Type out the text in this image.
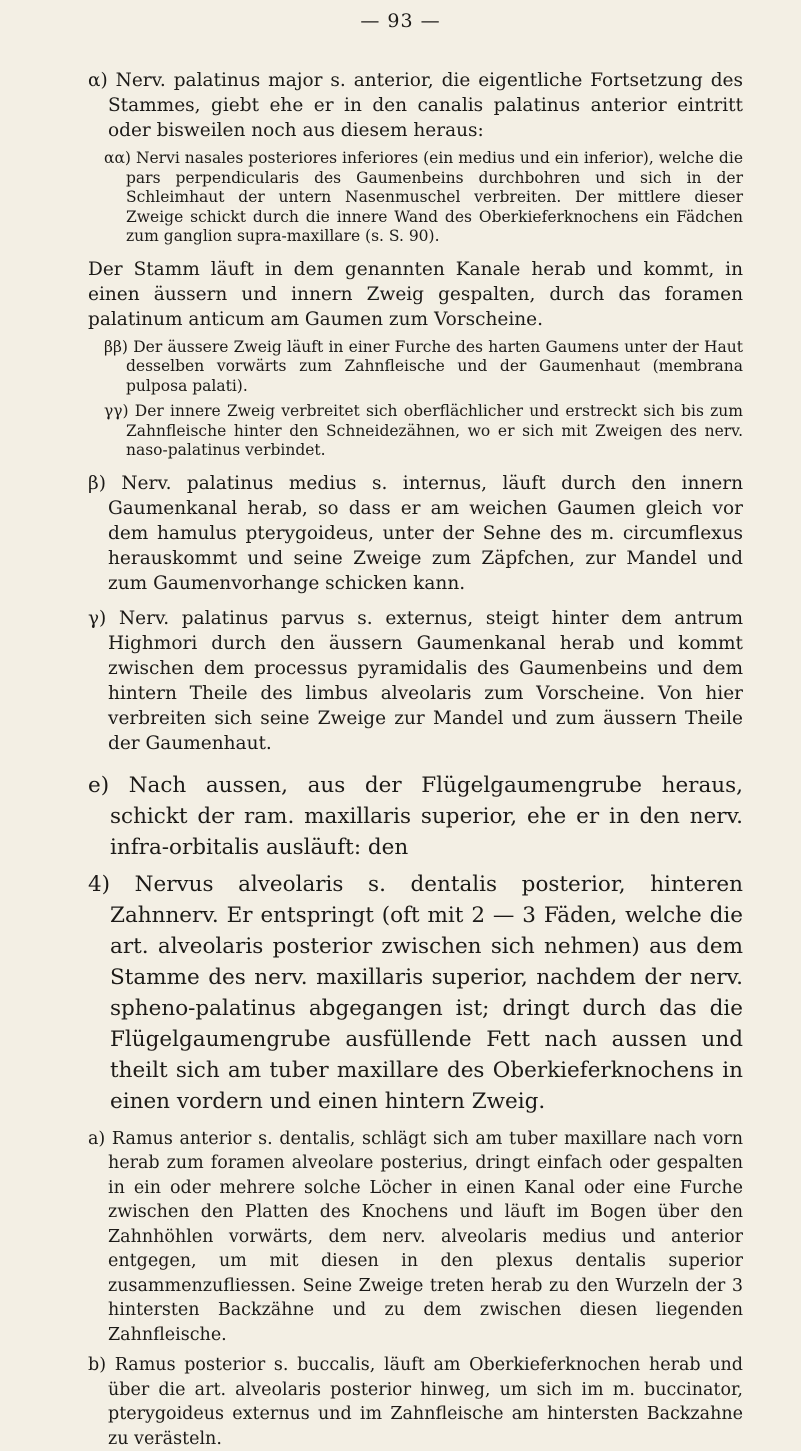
— 93 —

α) Nerv. palatinus major s. anterior, die eigentliche Fortsetzung des Stammes, giebt ehe er in den canalis palatinus anterior eintritt oder bisweilen noch aus diesem heraus:

αα) Nervi nasales posteriores inferiores (ein medius und ein inferior), welche die pars perpendicularis des Gaumenbeins durchbohren und sich in der Schleimhaut der untern Nasenmuschel verbreiten. Der mittlere dieser Zweige schickt durch die innere Wand des Oberkieferknochens ein Fädchen zum ganglion supra-maxillare (s. S. 90).

Der Stamm läuft in dem genannten Kanale herab und kommt, in einen äussern und innern Zweig gespalten, durch das foramen palatinum anticum am Gaumen zum Vorscheine.

ββ) Der äussere Zweig läuft in einer Furche des harten Gaumens unter der Haut desselben vorwärts zum Zahnfleische und der Gaumenhaut (membrana pulposa palati).

γγ) Der innere Zweig verbreitet sich oberflächlicher und erstreckt sich bis zum Zahnfleische hinter den Schneidezähnen, wo er sich mit Zweigen des nerv. naso-palatinus verbindet.

β) Nerv. palatinus medius s. internus, läuft durch den innern Gaumenkanal herab, so dass er am weichen Gaumen gleich vor dem hamulus pterygoideus, unter der Sehne des m. circumflexus herauskommt und seine Zweige zum Zäpfchen, zur Mandel und zum Gaumenvorhange schicken kann.

γ) Nerv. palatinus parvus s. externus, steigt hinter dem antrum Highmori durch den äussern Gaumenkanal herab und kommt zwischen dem processus pyramidalis des Gaumenbeins und dem hintern Theile des limbus alveolaris zum Vorscheine. Von hier verbreiten sich seine Zweige zur Mandel und zum äussern Theile der Gaumenhaut.

e) Nach aussen, aus der Flügelgaumengrube heraus, schickt der ram. maxillaris superior, ehe er in den nerv. infra-orbitalis ausläuft: den

4) Nervus alveolaris s. dentalis posterior, hintere​n Zahnnerv. Er entspringt (oft mit 2 — 3 Fäden, welche die art. alveolaris posterior zwischen sich nehmen) aus dem Stamme des nerv. maxillaris superior, nachdem der nerv. spheno-palatinus abgegangen ist; dringt durch das die Flügelgaumengrube ausfüllende Fett nach aussen und theilt sich am tuber maxillare des Oberkieferknochens in einen vordern und einen hintern Zweig.

a) Ramus anterior s. dentalis, schlägt sich am tuber maxillare nach vorn herab zum foramen alveolare posterius, dringt einfach oder gespalten in ein oder mehrere solche Löcher in einen Kanal oder eine Furche zwischen den Platten des Knochens und läuft im Bogen über den Zahnhöhlen vorwärts, dem nerv. alveolaris medius und anterior entgegen, um mit diesen in den plexus dentalis superior zusammenzufliessen. Seine Zweige treten herab zu den Wurzeln der 3 hintersten Backzähne und zu dem zwischen diesen liegenden Zahnfleische.

b) Ramus posterior s. buccalis, läuft am Oberkieferknochen herab und über die art. alveolaris posterior hinweg, um sich im m. buccinator, pterygoideus externus und im Zahnfleische am hintersten Backzahne zu verästeln.
